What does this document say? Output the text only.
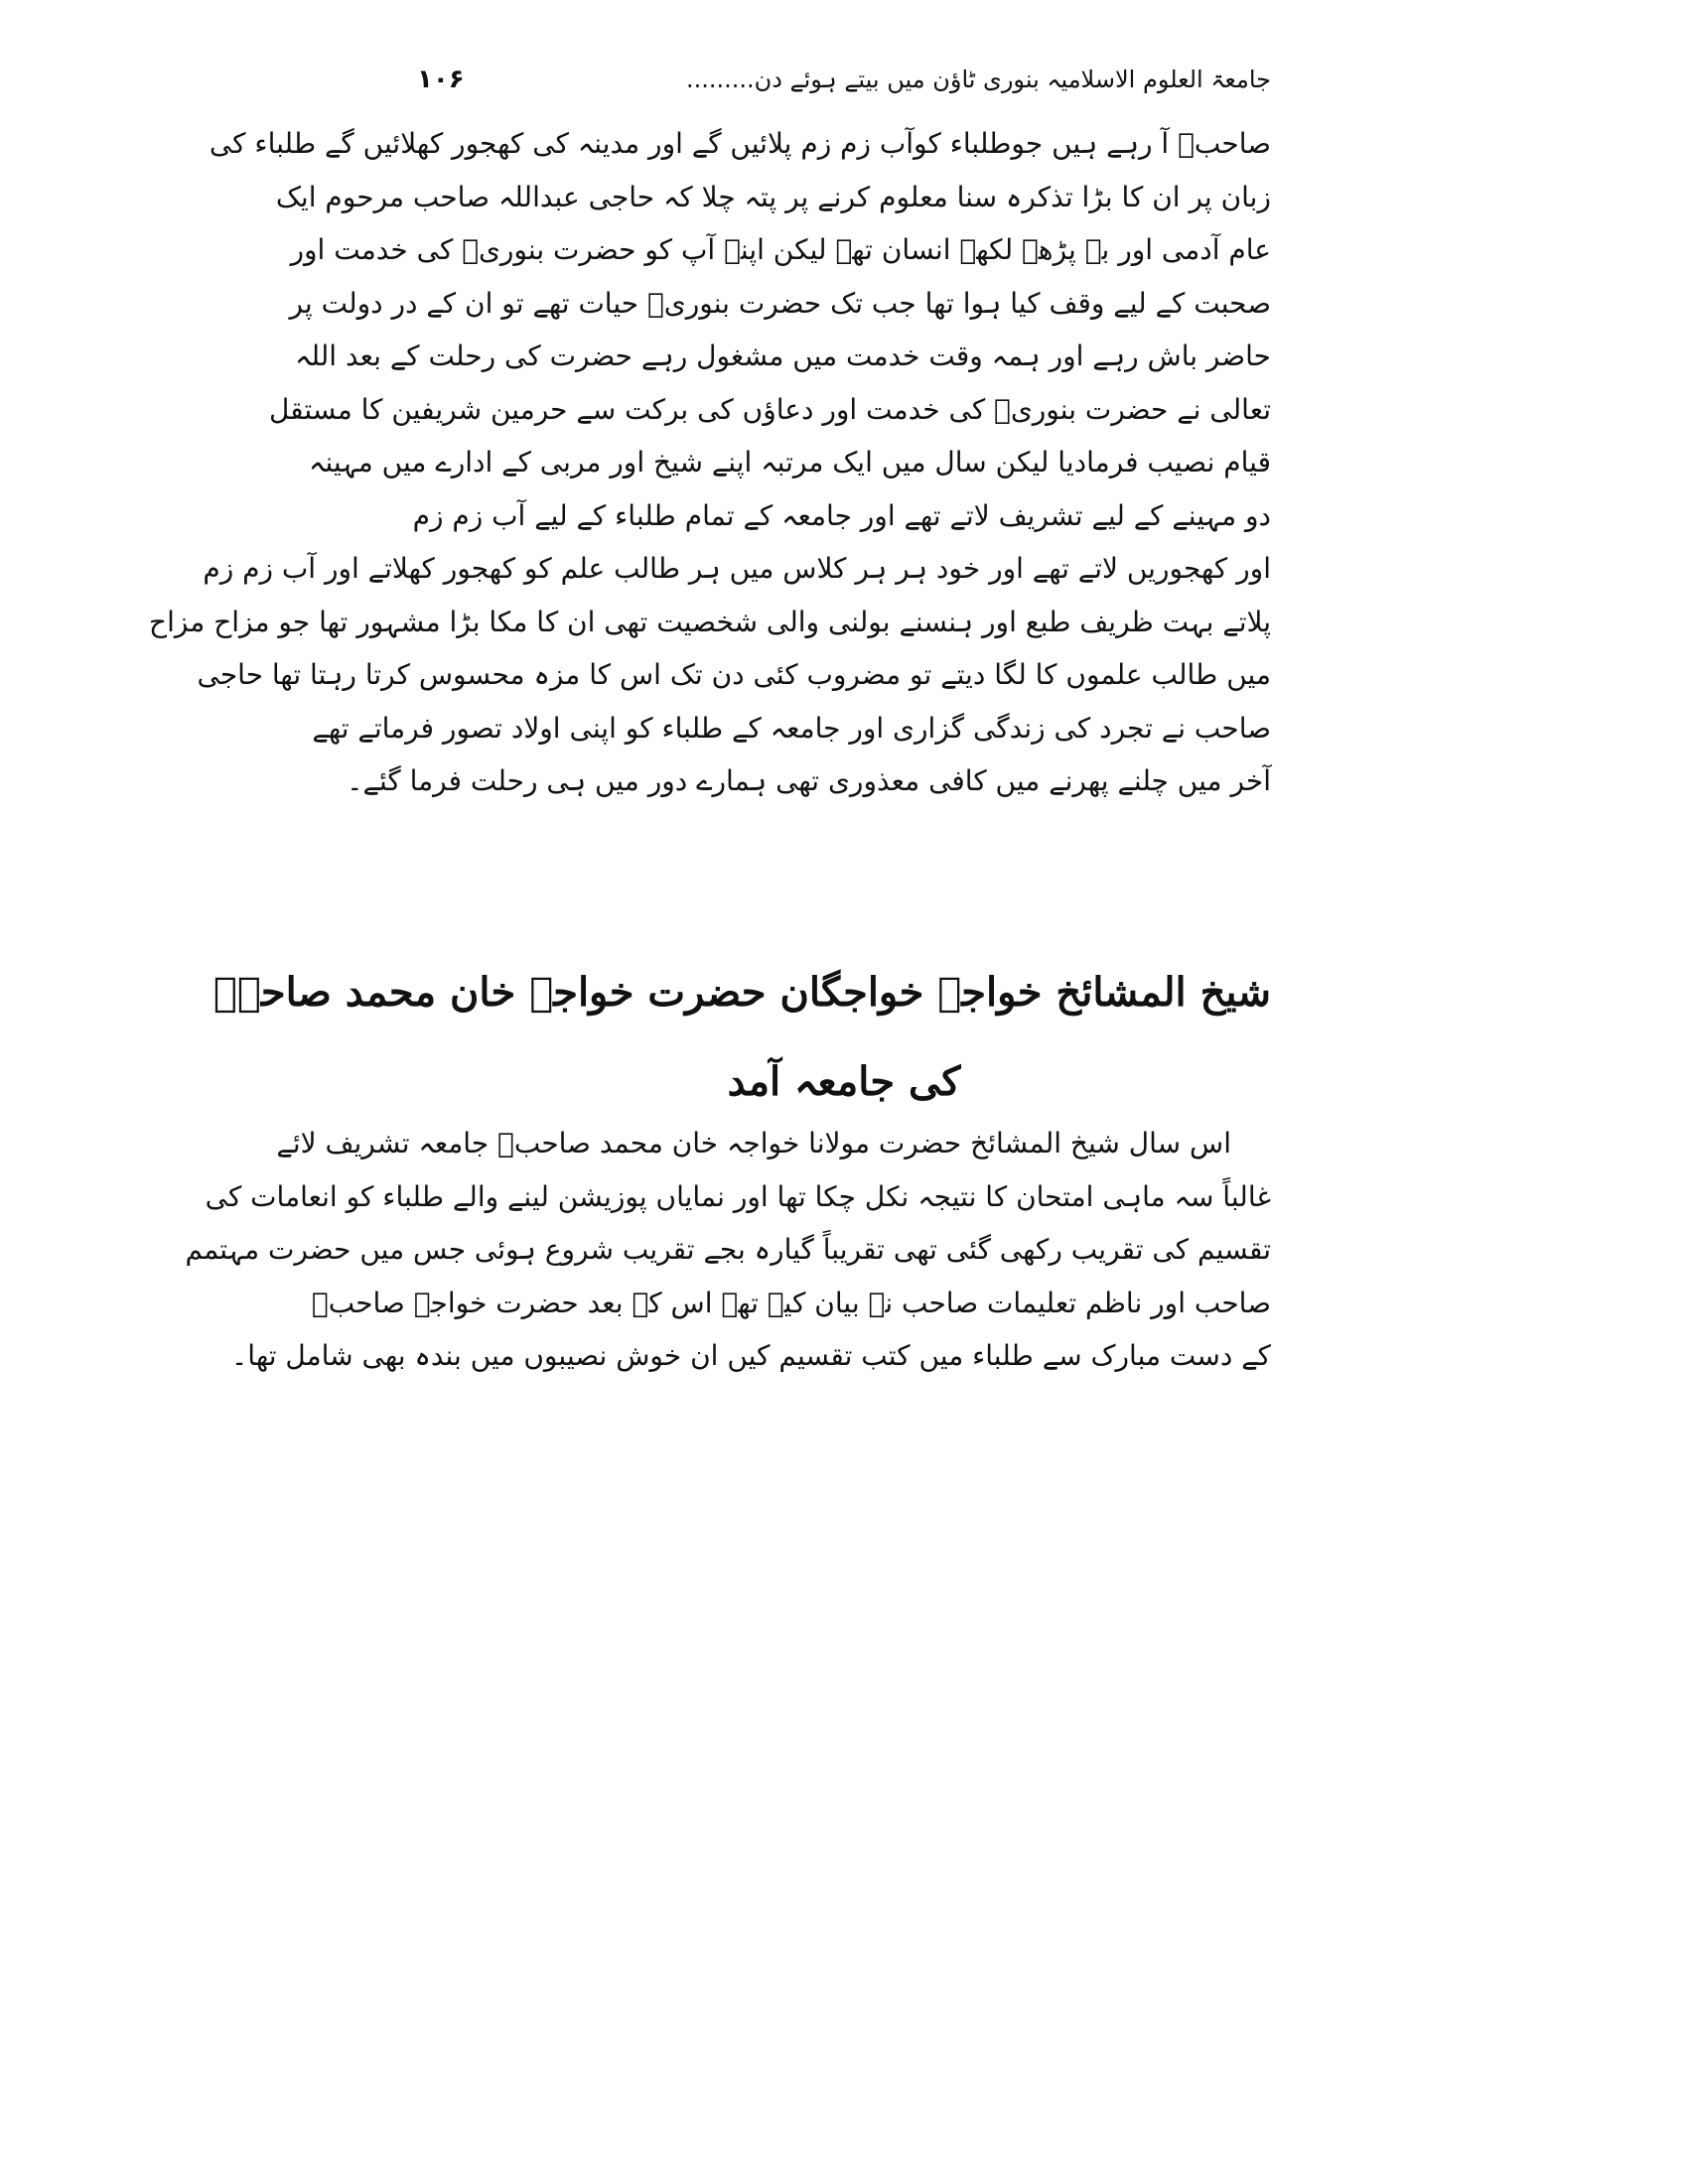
جامعۃ العلوم الاسلامیہ بنوری ٹاؤن میں بیتے ہوئے دن.........
۱۰۶
صاحبؒ آ رہے ہیں جوطلباء کوآب زم زم پلائیں گے اور مدینہ کی کھجور کھلائیں گے طلباء کی
زبان پر ان کا بڑا تذکرہ سنا معلوم کرنے پر پتہ چلا کہ حاجی عبداللہ صاحب مرحوم ایک
عام آدمی اور بے پڑھے لکھے انسان تھے لیکن اپنے آپ کو حضرت بنوریؒ کی خدمت اور
صحبت کے لیے وقف کیا ہوا تھا جب تک حضرت بنوریؒ حیات تھے تو ان کے در دولت پر
حاضر باش رہے اور ہمہ وقت خدمت میں مشغول رہے حضرت کی رحلت کے بعد اللہ
تعالی نے حضرت بنوریؒ کی خدمت اور دعاؤں کی برکت سے حرمین شریفین کا مستقل
قیام نصیب فرمادیا لیکن سال میں ایک مرتبہ اپنے شیخ اور مربی کے ادارے میں مہینہ
دو مہینے کے لیے تشریف لاتے تھے اور جامعہ کے تمام طلباء کے لیے آب زم زم
اور کھجوریں لاتے تھے اور خود ہر ہر کلاس میں ہر طالب علم کو کھجور کھلاتے اور آب زم زم
پلاتے بہت ظریف طبع اور ہنسنے بولنی والی شخصیت تھی ان کا مکا بڑا مشہور تھا جو مزاح مزاح
میں طالب علموں کا لگا دیتے تو مضروب کئی دن تک اس کا مزہ محسوس کرتا رہتا تھا حاجی
صاحب نے تجرد کی زندگی گزاری اور جامعہ کے طلباء کو اپنی اولاد تصور فرماتے تھے
آخر میں چلنے پھرنے میں کافی معذوری تھی ہمارے دور میں ہی رحلت فرما گئے۔
شیخ المشائخ خواجہ خواجگان حضرت خواجہ خان محمد صاحبؒ
کی جامعہ آمد
اس سال شیخ المشائخ حضرت مولانا خواجہ خان محمد صاحبؒ جامعہ تشریف لائے
غالباً سہ ماہی امتحان کا نتیجہ نکل چکا تھا اور نمایاں پوزیشن لینے والے طلباء کو انعامات کی
تقسیم کی تقریب رکھی گئی تھی تقریباً گیارہ بجے تقریب شروع ہوئی جس میں حضرت مہتمم
صاحب اور ناظم تعلیمات صاحب نے بیان کیے تھے اس کے بعد حضرت خواجہ صاحبؒ
کے دست مبارک سے طلباء میں کتب تقسیم کیں ان خوش نصیبوں میں بندہ بھی شامل تھا۔
